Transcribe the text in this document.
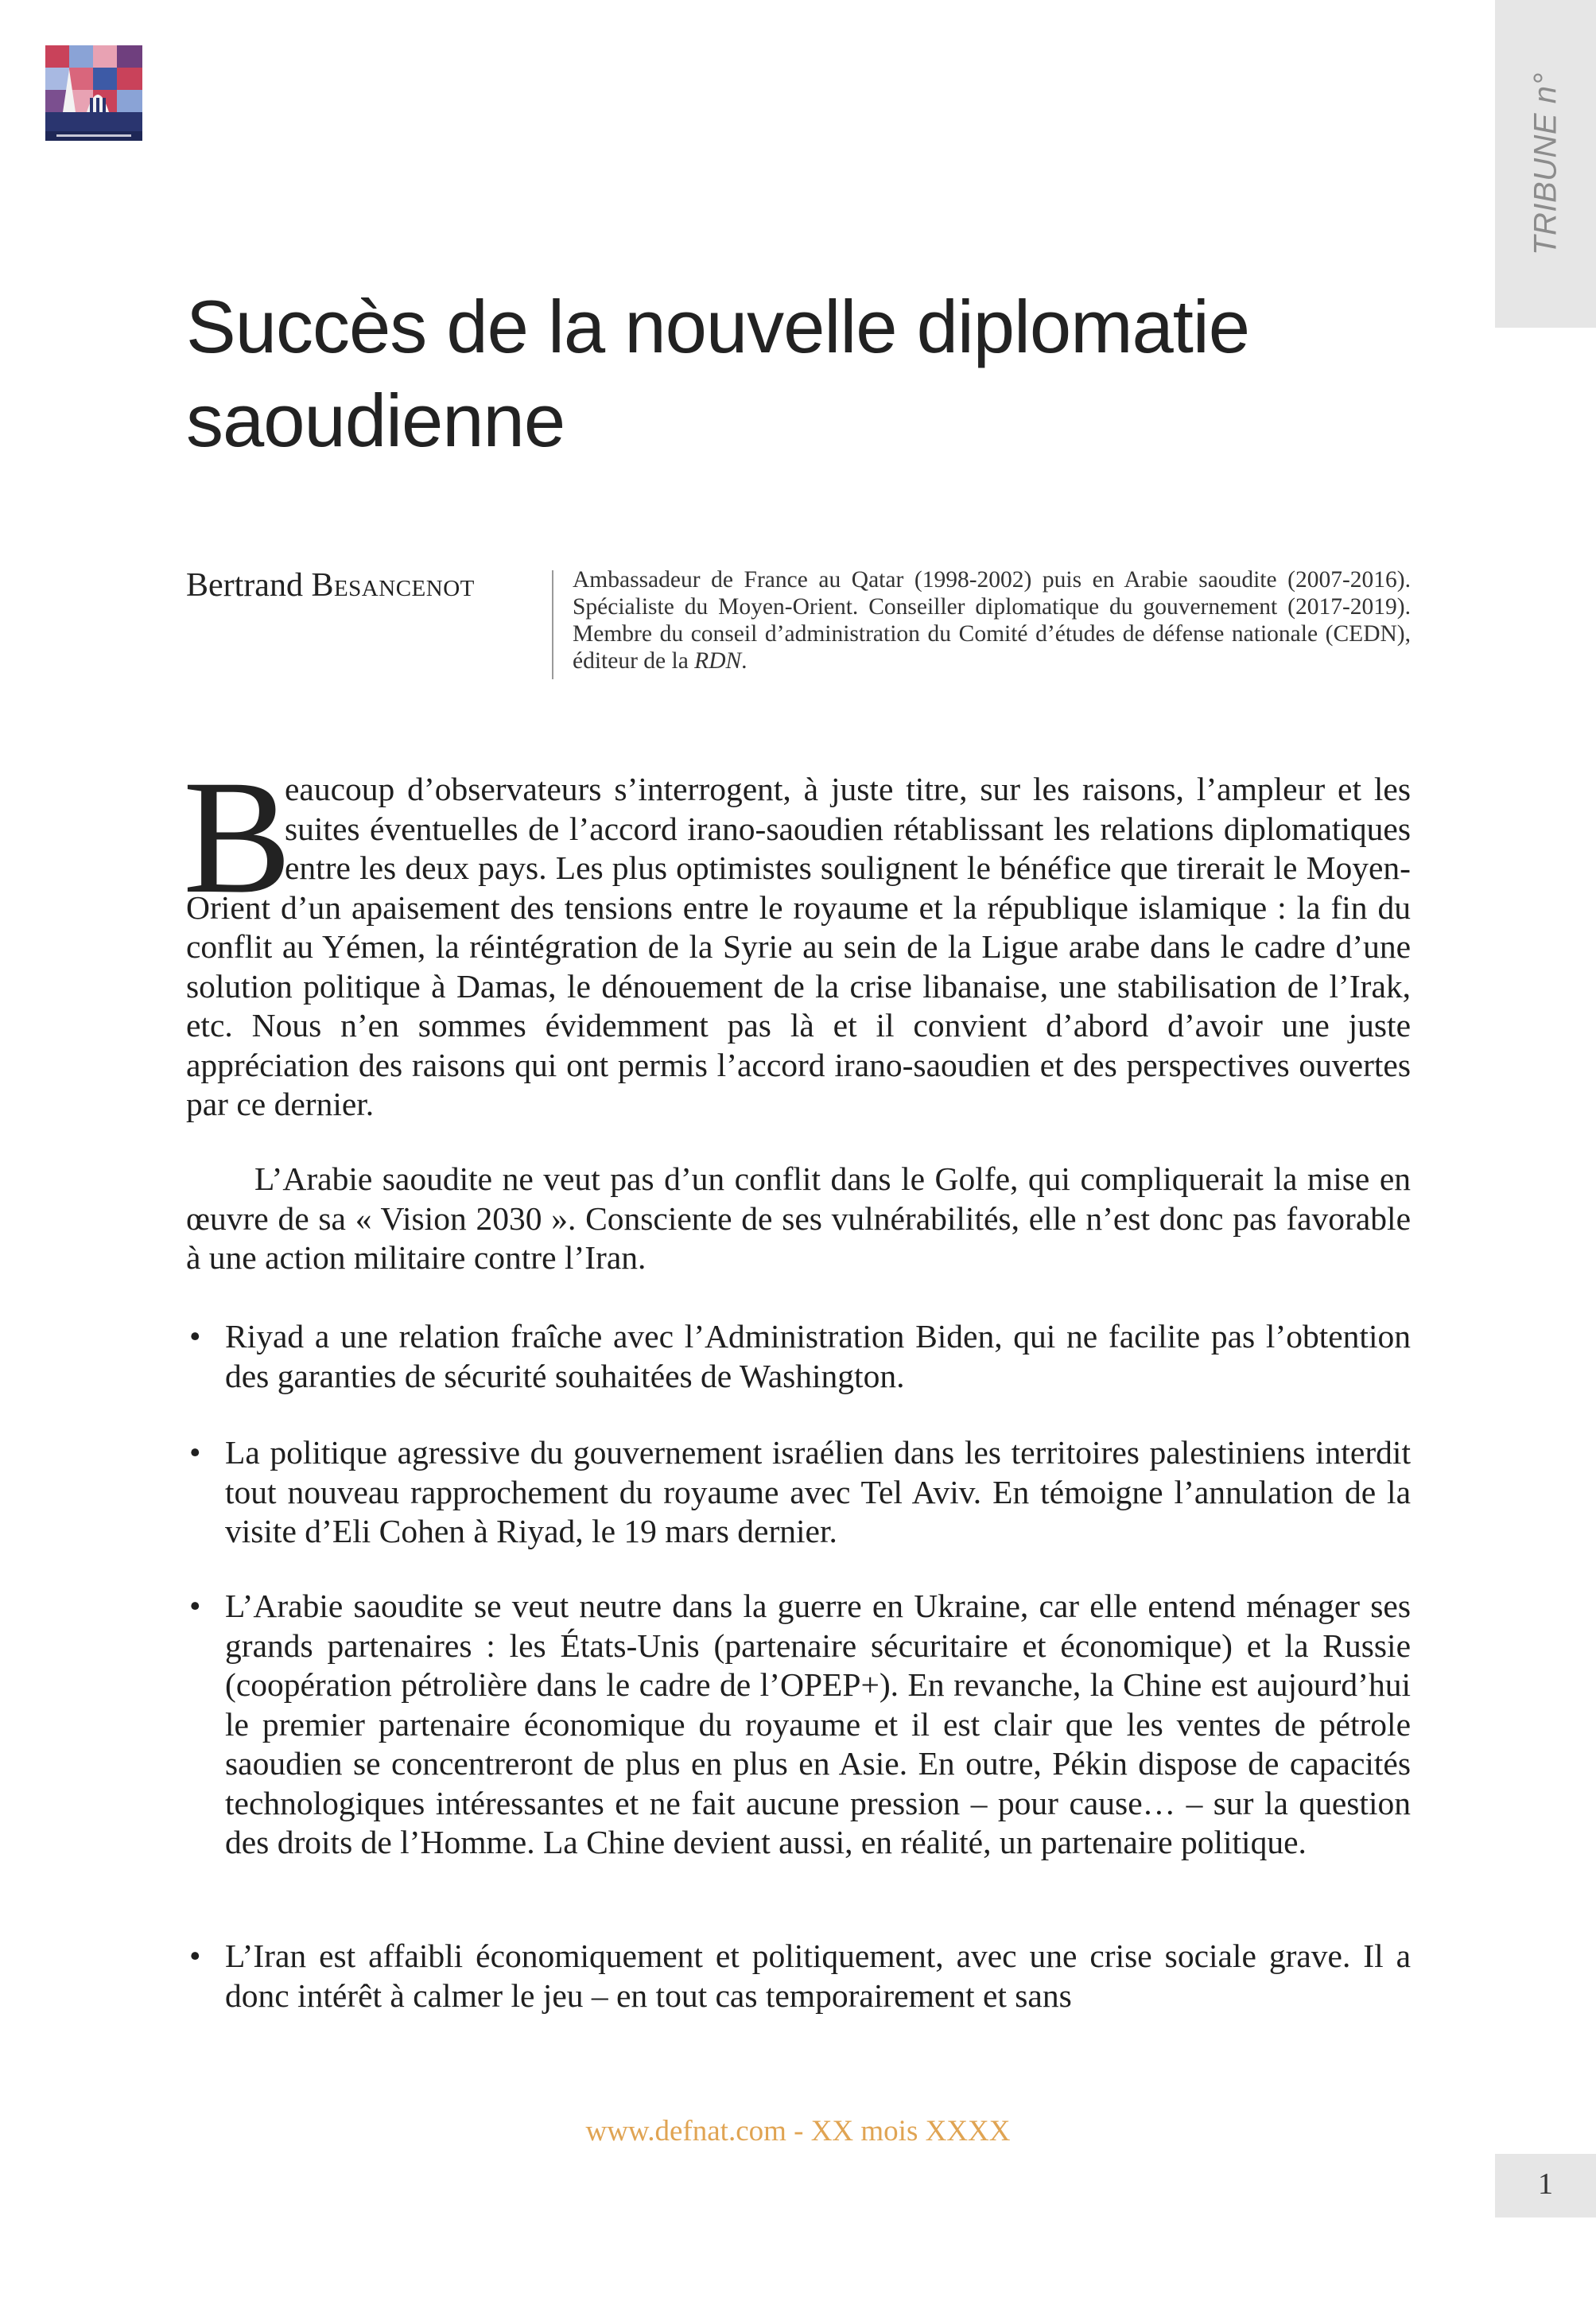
TRIBUNE n°
Succès de la nouvelle diplomatie saoudienne
Bertrand Besancenot	Ambassadeur de France au Qatar (1998-2002) puis en Arabie saoudite (2007-2016). Spécialiste du Moyen-Orient. Conseiller diplomatique du gouvernement (2017-2019). Membre du conseil d’administration du Comité d’études de défense nationale (CEDN), éditeur de la RDN.

B

eaucoup d’observateurs s’interrogent, à juste titre, sur les raisons, l’ampleur et les suites éventuelles de l’accord irano-saoudien rétablissant les relations diplomatiques entre les deux pays. Les plus optimistes soulignent le bénéfice que tirerait le Moyen-Orient d’un apaisement des tensions entre le royaume et la république islamique : la fin du conflit au Yémen, la réintégration de la Syrie au sein de la Ligue arabe dans le cadre d’une solution politique à Damas, le dénouement de la crise libanaise, une stabilisation de l’Irak, etc. Nous n’en sommes évidemment pas là et il convient d’abord d’avoir une juste appréciation des raisons qui ont permis l’accord irano-saoudien et des perspectives ouvertes par ce dernier.

L’Arabie saoudite ne veut pas d’un conflit dans le Golfe, qui compliquerait la mise en œuvre de sa « Vision 2030 ». Consciente de ses vulnérabilités, elle n’est donc pas favorable à une action militaire contre l’Iran.

• Riyad a une relation fraîche avec l’Administration Biden, qui ne facilite pas l’obtention des garanties de sécurité souhaitées de Washington.
• La politique agressive du gouvernement israélien dans les territoires palestiniens interdit tout nouveau rapprochement du royaume avec Tel Aviv. En témoigne l’annulation de la visite d’Eli Cohen à Riyad, le 19 mars dernier.
• L’Arabie saoudite se veut neutre dans la guerre en Ukraine, car elle entend ménager ses grands partenaires : les États-Unis (partenaire sécuritaire et économique) et la Russie (coopération pétrolière dans le cadre de l’OPEP+). En revanche, la Chine est aujourd’hui le premier partenaire économique du royaume et il est clair que les ventes de pétrole saoudien se concentreront de plus en plus en Asie. En outre, Pékin dispose de capacités technologiques intéressantes et ne fait aucune pression – pour cause… – sur la question des droits de l’Homme. La Chine devient aussi, en réalité, un partenaire politique.
• L’Iran est affaibli économiquement et politiquement, avec une crise sociale grave. Il a donc intérêt à calmer le jeu – en tout cas temporairement et sans
www.defnat.com - XX mois XXXX
1
